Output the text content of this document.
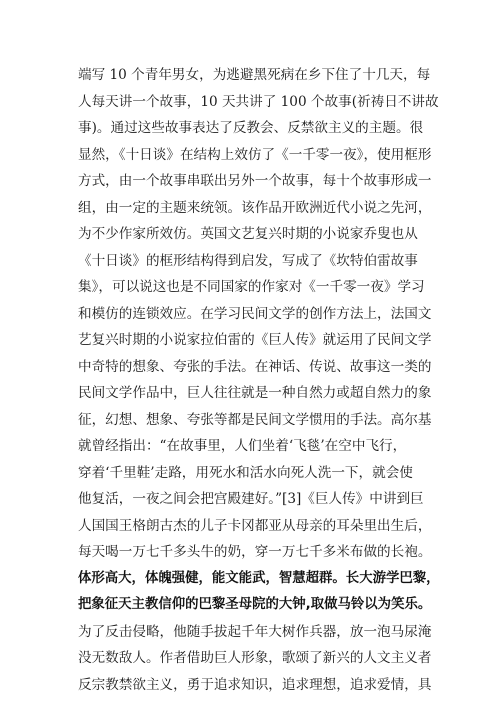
端写 10 个青年男女，为逃避黑死病在乡下住了十几天，每
人每天讲一个故事，10 天共讲了 100 个故事(祈祷日不讲故
事)。通过这些故事表达了反教会、反禁欲主义的主题。很
显然，《十日谈》在结构上效仿了《一千零一夜》，使用框形
方式，由一个故事串联出另外一个故事，每十个故事形成一
组，由一定的主题来统领。该作品开欧洲近代小说之先河，
为不少作家所效仿。英国文艺复兴时期的小说家乔叟也从
《十日谈》的框形结构得到启发，写成了《坎特伯雷故事
集》，可以说这也是不同国家的作家对《一千零一夜》学习
和模仿的连锁效应。在学习民间文学的创作方法上，法国文
艺复兴时期的小说家拉伯雷的《巨人传》就运用了民间文学
中奇特的想象、夸张的手法。在神话、传说、故事这一类的
民间文学作品中，巨人往往就是一种自然力或超自然力的象
征，幻想、想象、夸张等都是民间文学惯用的手法。高尔基
就曾经指出：“在故事里，人们坐着‘飞毯’在空中飞行，
穿着‘千里鞋’走路，用死水和活水向死人洗一下，就会使
他复活，一夜之间会把宫殿建好。”[3]《巨人传》中讲到巨
人国国王格朗古杰的儿子卡冈都亚从母亲的耳朵里出生后，
每天喝一万七千多头牛的奶，穿一万七千多米布做的长袍。
体形高大，体魄强健，能文能武，智慧超群。长大游学巴黎，
把象征天主教信仰的巴黎圣母院的大钟,取做马铃以为笑乐。
为了反击侵略，他随手拔起千年大树作兵器，放一泡马尿淹
没无数敌人。作者借助巨人形象，歌颂了新兴的人文主义者
反宗教禁欲主义，勇于追求知识，追求理想，追求爱情，具
